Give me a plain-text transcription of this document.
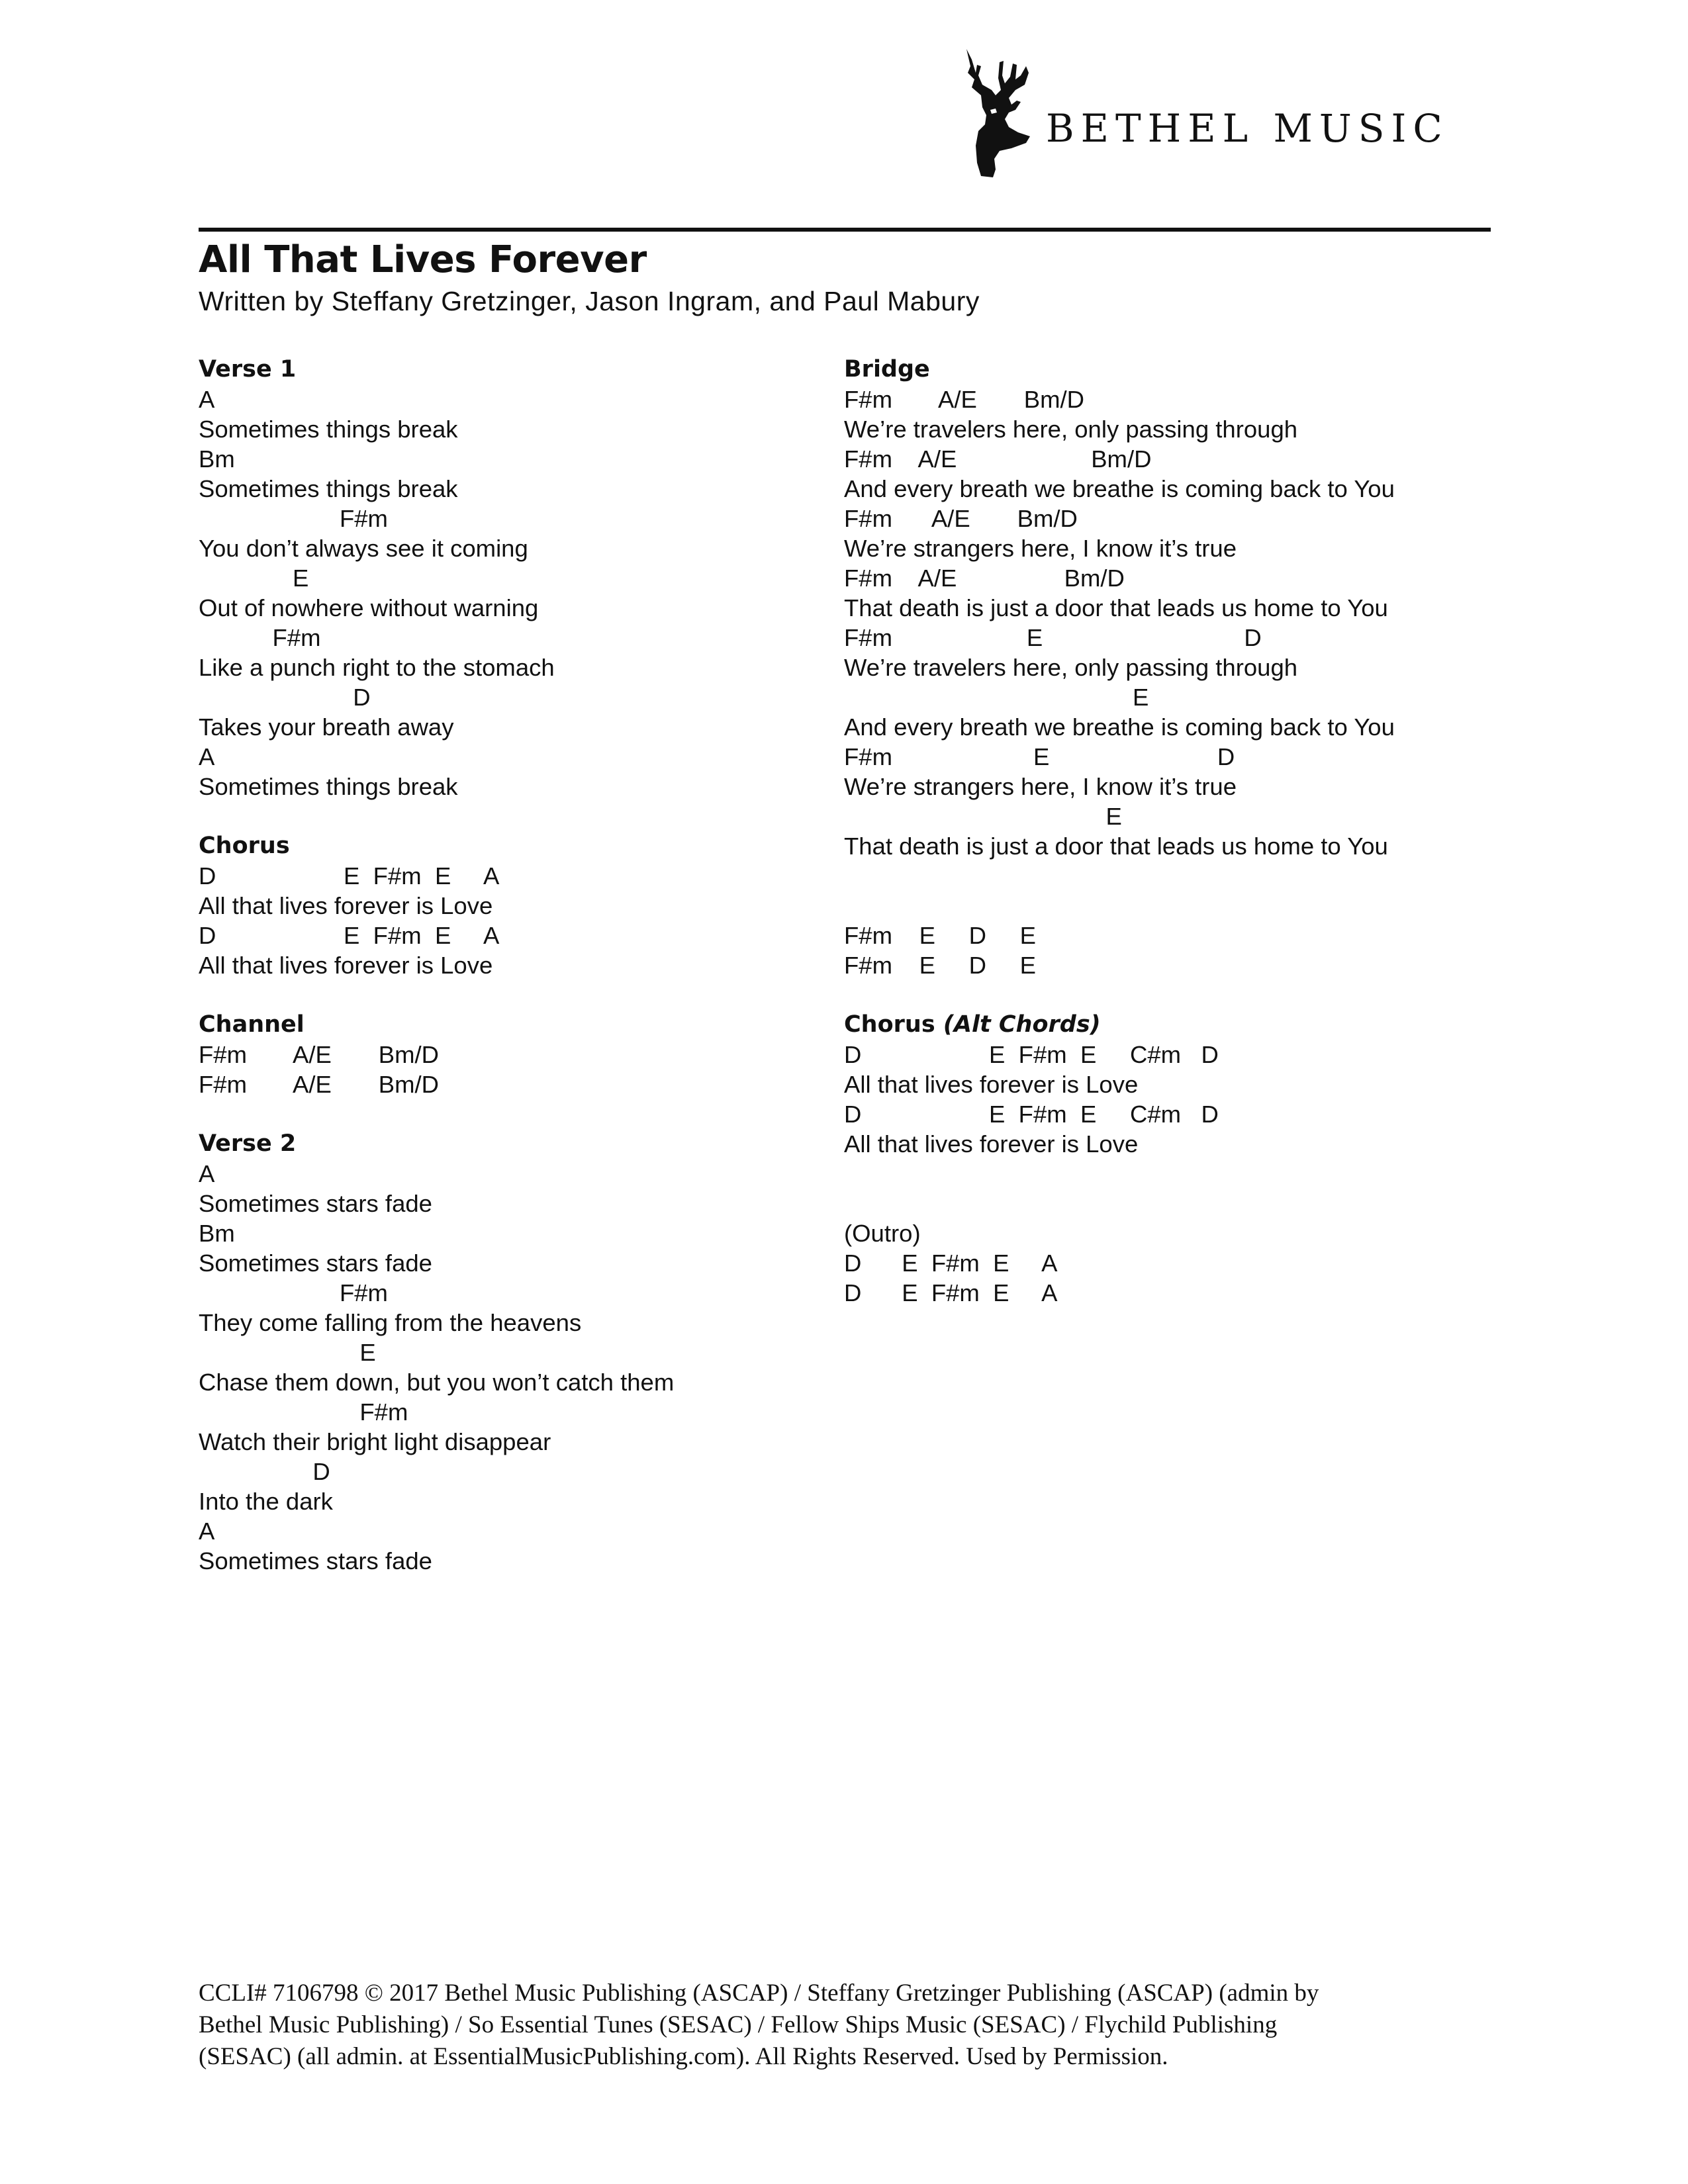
BETHEL MUSIC
All That Lives Forever
Written by Steffany Gretzinger, Jason Ingram, and Paul Mabury
Verse 1
A
Sometimes things break
Bm
Sometimes things break
F#m
You don’t always see it coming
E
Out of nowhere without warning
F#m
Like a punch right to the stomach
D
Takes your breath away
A
Sometimes things break
Chorus
D                   E  F#m  E     A
All that lives forever is Love
D                   E  F#m  E     A
All that lives forever is Love
Channel
F#m       A/E       Bm/D
F#m       A/E       Bm/D
Verse 2
A
Sometimes stars fade
Bm
Sometimes stars fade
F#m
They come falling from the heavens
E
Chase them down, but you won’t catch them
F#m
Watch their bright light disappear
D
Into the dark
A
Sometimes stars fade
Bridge
F#m       A/E       Bm/D
We’re travelers here, only passing through
F#m    A/E                    Bm/D
And every breath we breathe is coming back to You
F#m      A/E       Bm/D
We’re strangers here, I know it’s true
F#m    A/E                Bm/D
That death is just a door that leads us home to You
F#m                    E                              D
We’re travelers here, only passing through
E
And every breath we breathe is coming back to You
F#m                     E                         D
We’re strangers here, I know it’s true
E
That death is just a door that leads us home to You
F#m    E     D     E
F#m    E     D     E
Chorus (Alt Chords)
D                   E  F#m  E     C#m   D
All that lives forever is Love
D                   E  F#m  E     C#m   D
All that lives forever is Love
(Outro)
D      E  F#m  E     A
D      E  F#m  E     A
CCLI# 7106798 © 2017 Bethel Music Publishing (ASCAP) / Steffany Gretzinger Publishing (ASCAP) (admin by
Bethel Music Publishing) / So Essential Tunes (SESAC) / Fellow Ships Music (SESAC) / Flychild Publishing
(SESAC) (all admin. at EssentialMusicPublishing.com). All Rights Reserved. Used by Permission.
